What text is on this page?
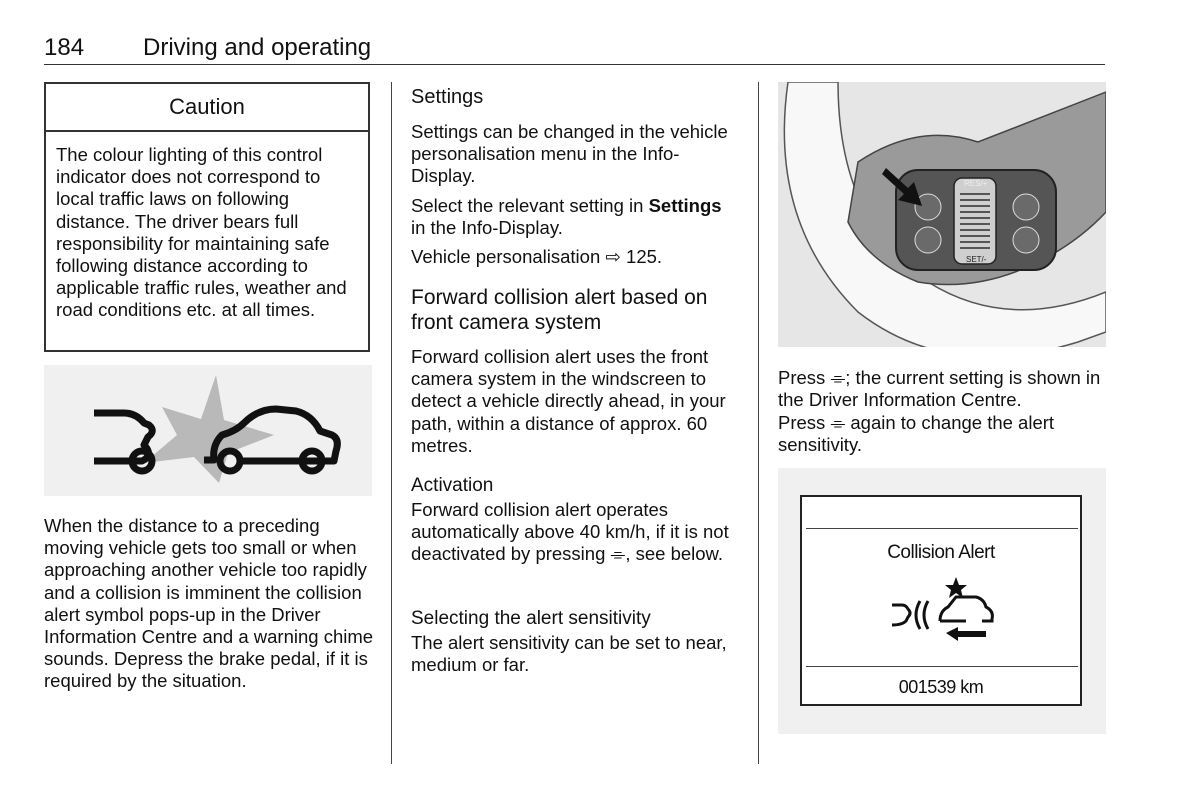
184 Driving and operating
Caution
The colour lighting of this control indicator does not correspond to local traffic laws on following distance. The driver bears full responsibility for maintaining safe following distance according to applicable traffic rules, weather and road conditions etc. at all times.
When the distance to a preceding moving vehicle gets too small or when approaching another vehicle too rapidly and a collision is imminent the collision alert symbol pops-up in the Driver Information Centre and a warning chime sounds. Depress the brake pedal, if it is required by the situation.
Settings
Settings can be changed in the vehicle personalisation menu in the Info-Display.
Select the relevant setting in Settings in the Info-Display.
Vehicle personalisation ⇨ 125.
Forward collision alert based on
front camera system
Forward collision alert uses the front camera system in the windscreen to detect a vehicle directly ahead, in your path, within a distance of approx. 60 metres.
Activation
Forward collision alert operates automatically above 40 km/h, if it is not deactivated by pressing ⌯, see below.
Selecting the alert sensitivity
The alert sensitivity can be set to near, medium or far.
RES/+
SET/-
Press ⌯; the current setting is shown in the Driver Information Centre.
Press ⌯ again to change the alert sensitivity.
Collision Alert
001539 km
